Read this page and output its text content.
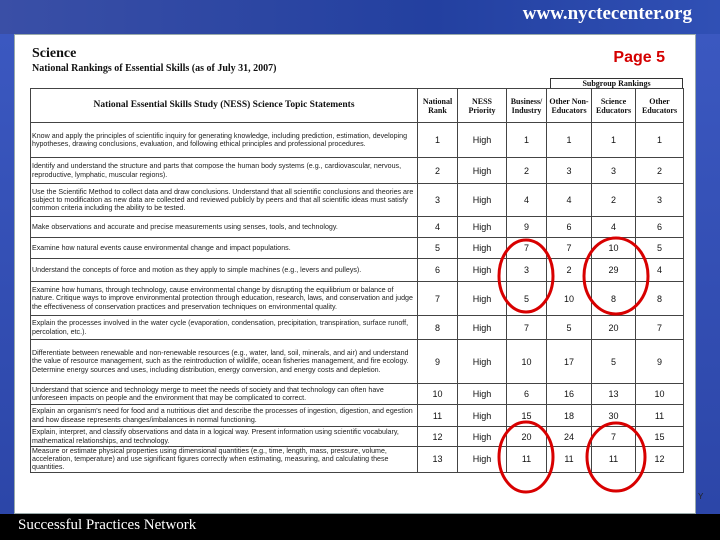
www.nyctecenter.org
Y
Science
National Rankings of Essential Skills (as of July 31, 2007)
Page 5
Subgroup Rankings
National Essential Skills Study (NESS) Science Topic Statements	National Rank	NESS Priority	Business/ Industry	Other Non-Educators	Science Educators	Other Educators
Know and apply the principles of scientific inquiry for generating knowledge, including prediction, estimation, developing hypotheses, drawing conclusions, evaluation, and following ethical principles and professional procedures.	1	High	1	1	1	1
Identify and understand the structure and parts that compose the human body systems (e.g., cardiovascular, nervous, reproductive, lymphatic, muscular regions).	2	High	2	3	3	2
Use the Scientific Method to collect data and draw conclusions. Understand that all scientific conclusions and theories are subject to modification as new data are collected and reviewed publicly by peers and that all scientific ideas must satisfy common criteria including the ability to be tested.	3	High	4	4	2	3
Make observations and accurate and precise measurements using senses, tools, and technology.	4	High	9	6	4	6
Examine how natural events cause environmental change and impact populations.	5	High	7	7	10	5
Understand the concepts of force and motion as they apply to simple machines (e.g., levers and pulleys).	6	High	3	2	29	4
Examine how humans, through technology, cause environmental change by disrupting the equilibrium or balance of nature. Critique ways to improve environmental protection through education, research, laws, and conservation and judge the effectiveness of conservation practices and preservation techniques on environmental quality.	7	High	5	10	8	8
Explain the processes involved in the water cycle (evaporation, condensation, precipitation, transpiration, surface runoff, percolation, etc.).	8	High	7	5	20	7
Differentiate between renewable and non-renewable resources (e.g., water, land, soil, minerals, and air) and understand the value of resource management, such as the reintroduction of wildlife, ocean fisheries management, and fire ecology. Determine energy sources and uses, including distribution, energy conversion, and energy costs and depletion.	9	High	10	17	5	9
Understand that science and technology merge to meet the needs of society and that technology can often have unforeseen impacts on people and the environment that may be complicated to correct.	10	High	6	16	13	10
Explain an organism's need for food and a nutritious diet and describe the processes of ingestion, digestion, and egestion and how disease represents changes/imbalances in normal functioning.	11	High	15	18	30	11
Explain, interpret, and classify observations and data in a logical way. Present information using scientific vocabulary, mathematical relationships, and technology.	12	High	20	24	7	15
Measure or estimate physical properties using dimensional quantities (e.g., time, length, mass, pressure, volume, acceleration, temperature) and use significant figures correctly when estimating, measuring, and calculating these quantities.	13	High	11	11	11	12
Successful Practices Network
